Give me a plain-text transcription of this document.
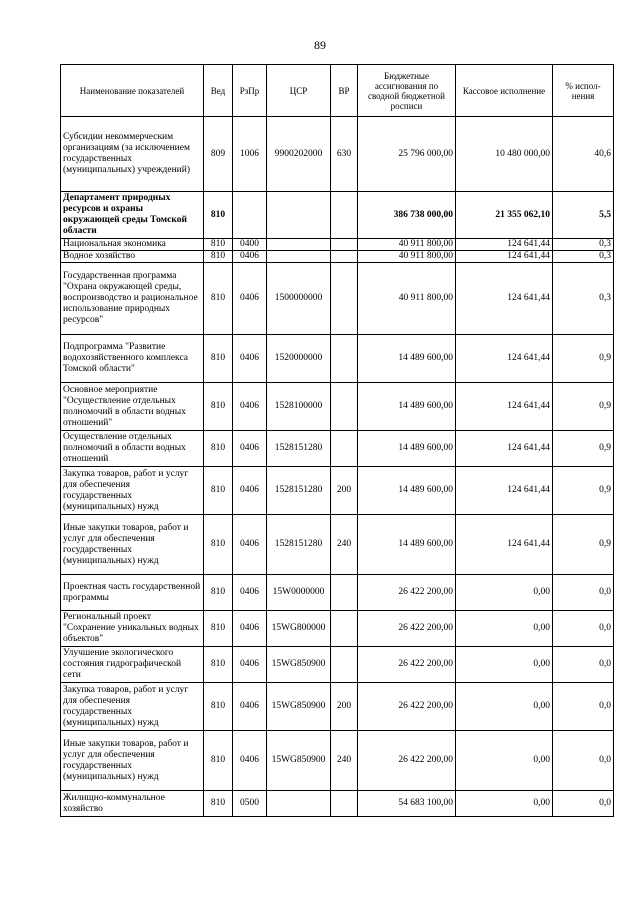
89
Наименование показателей	Вед	РзПр	ЦСР	ВР	Бюджетные ассигнования по сводной бюджетной росписи	Кассовое исполнение	% испол-нения
Субсидии некоммерческим организациям (за исключением государственных (муниципальных) учреждений)	809	1006	9900202000	630	25 796 000,00	10 480 000,00	40,6
Департамент природных ресурсов и охраны окружающей среды Томской области	810				386 738 000,00	21 355 062,10	5,5
Национальная экономика	810	0400			40 911 800,00	124 641,44	0,3
Водное хозяйство	810	0406			40 911 800,00	124 641,44	0,3
Государственная программа "Охрана окружающей среды, воспроизводство и рациональное использование природных ресурсов"	810	0406	1500000000		40 911 800,00	124 641,44	0,3
Подпрограмма "Развитие водохозяйственного комплекса Томской области"	810	0406	1520000000		14 489 600,00	124 641,44	0,9
Основное мероприятие "Осуществление отдельных полномочий в области водных отношений"	810	0406	1528100000		14 489 600,00	124 641,44	0,9
Осуществление отдельных полномочий в области водных отношений	810	0406	1528151280		14 489 600,00	124 641,44	0,9
Закупка товаров, работ и услуг для обеспечения государственных (муниципальных) нужд	810	0406	1528151280	200	14 489 600,00	124 641,44	0,9
Иные закупки товаров, работ и услуг для обеспечения государственных (муниципальных) нужд	810	0406	1528151280	240	14 489 600,00	124 641,44	0,9
Проектная часть государственной программы	810	0406	15W0000000		26 422 200,00	0,00	0,0
Региональный проект "Сохранение уникальных водных объектов"	810	0406	15WG800000		26 422 200,00	0,00	0,0
Улучшение экологического состояния гидрографической сети	810	0406	15WG850900		26 422 200,00	0,00	0,0
Закупка товаров, работ и услуг для обеспечения государственных (муниципальных) нужд	810	0406	15WG850900	200	26 422 200,00	0,00	0,0
Иные закупки товаров, работ и услуг для обеспечения государственных (муниципальных) нужд	810	0406	15WG850900	240	26 422 200,00	0,00	0,0
Жилищно-коммунальное хозяйство	810	0500			54 683 100,00	0,00	0,0
